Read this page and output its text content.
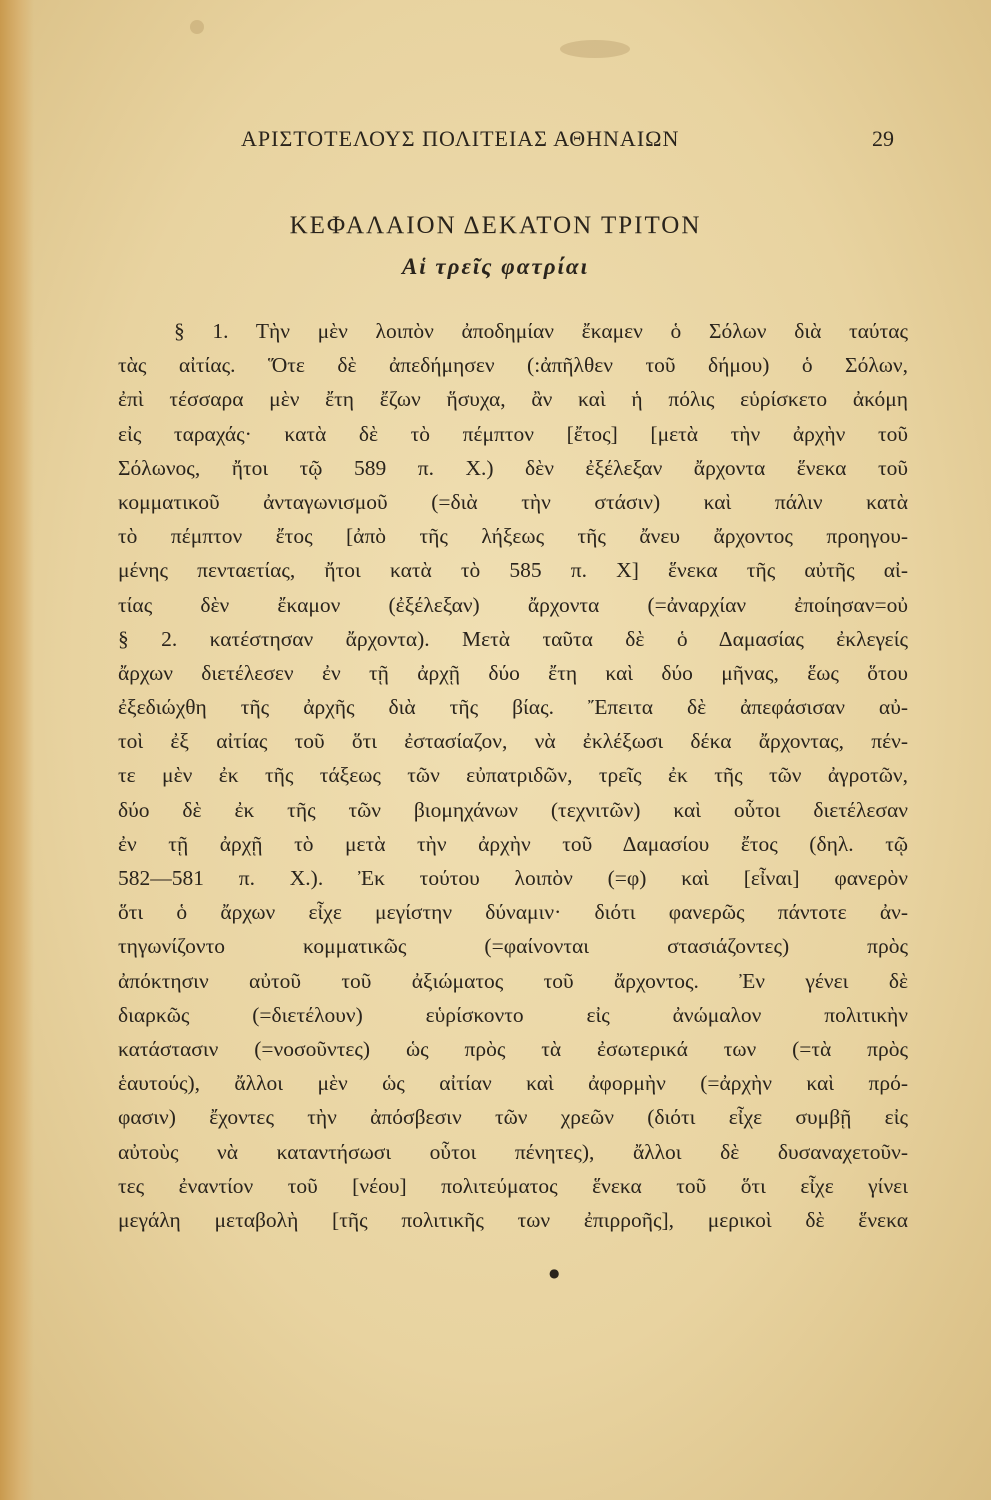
ΑΡΙΣΤΟΤΕΛΟΥΣ ΠΟΛΙΤΕΙΑΣ ΑΘΗΝΑΙΩΝ	29
ΚΕΦΑΛΑΙΟΝ ΔΕΚΑΤΟΝ ΤΡΙΤΟΝ
Αἱ τρεῖς φατρίαι
§ 1. Τὴν μὲν λοιπὸν ἀποδημίαν ἔκαμεν ὁ Σόλων διὰ ταύτας
τὰς αἰτίας. Ὅτε δὲ ἀπεδήμησεν (:ἀπῆλθεν τοῦ δήμου) ὁ Σόλων,
ἐπὶ τέσσαρα μὲν ἔτη ἔζων ἥσυχα, ἂν καὶ ἡ πόλις εὑρίσκετο ἀκόμη
εἰς ταραχάς· κατὰ δὲ τὸ πέμπτον [ἔτος] [μετὰ τὴν ἀρχὴν τοῦ
Σόλωνος, ἤτοι τῷ 589 π. Χ.) δὲν ἐξέλεξαν ἄρχοντα ἕνεκα τοῦ
κομματικοῦ ἀνταγωνισμοῦ (=διὰ τὴν στάσιν) καὶ πάλιν κατὰ
τὸ πέμπτον ἔτος [ἀπὸ τῆς λήξεως τῆς ἄνευ ἄρχοντος προηγου-
μένης πενταετίας, ἤτοι κατὰ τὸ 585 π. Χ] ἕνεκα τῆς αὐτῆς αἰ-
τίας δὲν ἔκαμον (ἐξέλεξαν) ἄρχοντα (=ἀναρχίαν ἐποίησαν=οὐ
§ 2. κατέστησαν ἄρχοντα). Μετὰ ταῦτα δὲ ὁ Δαμασίας ἐκλεγείς
ἄρχων διετέλεσεν ἐν τῇ ἀρχῇ δύο ἔτη καὶ δύο μῆνας, ἕως ὅτου
ἐξεδιώχθη τῆς ἀρχῆς διὰ τῆς βίας. Ἔπειτα δὲ ἀπεφάσισαν αὐ-
τοὶ ἐξ αἰτίας τοῦ ὅτι ἐστασίαζον, νὰ ἐκλέξωσι δέκα ἄρχοντας, πέν-
τε μὲν ἐκ τῆς τάξεως τῶν εὐπατριδῶν, τρεῖς ἐκ τῆς τῶν ἀγροτῶν,
δύο δὲ ἐκ τῆς τῶν βιομηχάνων (τεχνιτῶν) καὶ οὗτοι διετέλεσαν
ἐν τῇ ἀρχῇ τὸ μετὰ τὴν ἀρχὴν τοῦ Δαμασίου ἔτος (δηλ. τῷ
582—581 π. Χ.). Ἐκ τούτου λοιπὸν (=φ) καὶ [εἶναι] φανερὸν
ὅτι ὁ ἄρχων εἶχε μεγίστην δύναμιν· διότι φανερῶς πάντοτε ἀν-
τηγωνίζοντο κομματικῶς (=φαίνονται στασιάζοντες) πρὸς
ἀπόκτησιν αὐτοῦ τοῦ ἀξιώματος τοῦ ἄρχοντος. Ἐν γένει δὲ
διαρκῶς (=διετέλουν) εὑρίσκοντο εἰς ἀνώμαλον πολιτικὴν
κατάστασιν (=νοσοῦντες) ὡς πρὸς τὰ ἐσωτερικά των (=τὰ πρὸς
ἑαυτούς), ἄλλοι μὲν ὡς αἰτίαν καὶ ἀφορμὴν (=ἀρχὴν καὶ πρό-
φασιν) ἔχοντες τὴν ἀπόσβεσιν τῶν χρεῶν (διότι εἶχε συμβῇ εἰς
αὐτοὺς νὰ καταντήσωσι οὗτοι πένητες), ἄλλοι δὲ δυσαναχετοῦν-
τες ἐναντίον τοῦ [νέου] πολιτεύματος ἕνεκα τοῦ ὅτι εἶχε γίνει
μεγάλη μεταβολὴ [τῆς πολιτικῆς των ἐπιρροῆς], μερικοὶ δὲ ἕνεκα
●
